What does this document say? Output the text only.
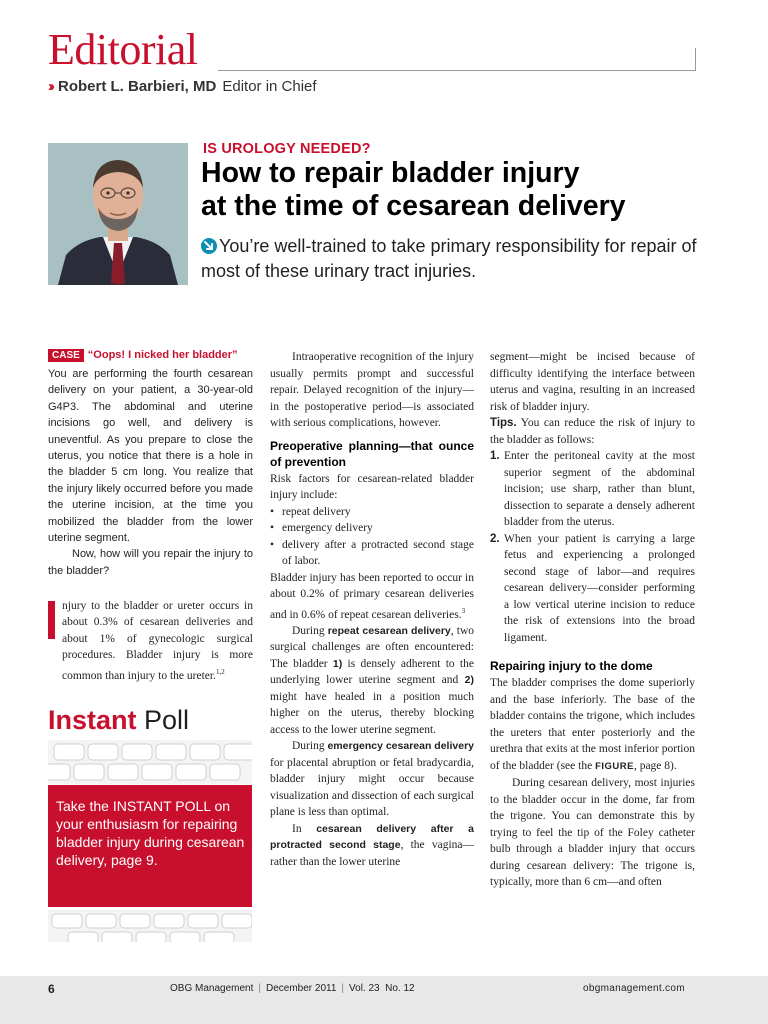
Editorial
›› Robert L. Barbieri, MD Editor in Chief
IS UROLOGY NEEDED?
How to repair bladder injury
at the time of cesarean delivery
You’re well-trained to take primary responsibility for repair of most of these urinary tract injuries.
CASE “Oops! I nicked her bladder”

You are performing the fourth cesarean delivery on your patient, a 30-year-old G4P3. The abdominal and uterine incisions go well, and delivery is uneventful. As you prepare to close the uterus, you notice that there is a hole in the bladder 5 cm long. You realize that the injury likely occurred before you made the uterine incision, at the time you mobilized the bladder from the lower uterine segment.

Now, how will you repair the injury to the bladder?

njury to the bladder or ureter occurs in about 0.3% of cesarean deliveries and about 1% of gynecologic surgical procedures. Bladder injury is more common than injury to the ureter.$^{1,2}$
Instant Poll
Take the INSTANT POLL on your enthusiasm for repairing bladder injury during cesarean delivery, page 9.

Intraoperative recognition of the injury usually permits prompt and successful repair. Delayed recognition of the injury—in the postoperative period—is associated with serious complications, however.

Preoperative planning—that ounce of prevention

Risk factors for cesarean-related bladder injury include:

• repeat delivery
• emergency delivery
• delivery after a protracted second stage of labor.

Bladder injury has been reported to occur in about 0.2% of primary cesarean deliveries and in 0.6% of repeat cesarean deliveries.$^3$

During repeat cesarean delivery, two surgical challenges are often encountered: The bladder 1) is densely adherent to the underlying lower uterine segment and 2) might have healed in a position much higher on the uterus, thereby blocking access to the lower uterine segment.

During emergency cesarean delivery for placental abruption or fetal bradycardia, bladder injury might occur because visualization and dissection of each surgical plane is less than optimal.

In cesarean delivery after a protracted second stage, the vagina—rather than the lower uterine

segment—might be incised because of difficulty identifying the interface between uterus and vagina, resulting in an increased risk of bladder injury.

Tips. You can reduce the risk of injury to the bladder as follows:

1. Enter the peritoneal cavity at the most superior segment of the abdominal incision; use sharp, rather than blunt, dissection to separate a densely adherent bladder from the uterus.
2. When your patient is carrying a large fetus and experiencing a prolonged second stage of labor—and requires cesarean delivery—consider performing a low vertical uterine incision to reduce the risk of extensions into the broad ligament.
Repairing injury to the dome

The bladder comprises the dome superiorly and the base inferiorly. The base of the bladder contains the trigone, which includes the ureters that enter posteriorly and the urethra that exits at the most inferior portion of the bladder (see the FIGURE, page 8).

During cesarean delivery, most injuries to the bladder occur in the dome, far from the trigone. You can demonstrate this by trying to feel the tip of the Foley catheter bulb through a bladder injury that occurs during cesarean delivery: The trigone is, typically, more than 6 cm—and often

6	OBG Management | December 2011 | Vol. 23  No. 12	obgmanagement.com
